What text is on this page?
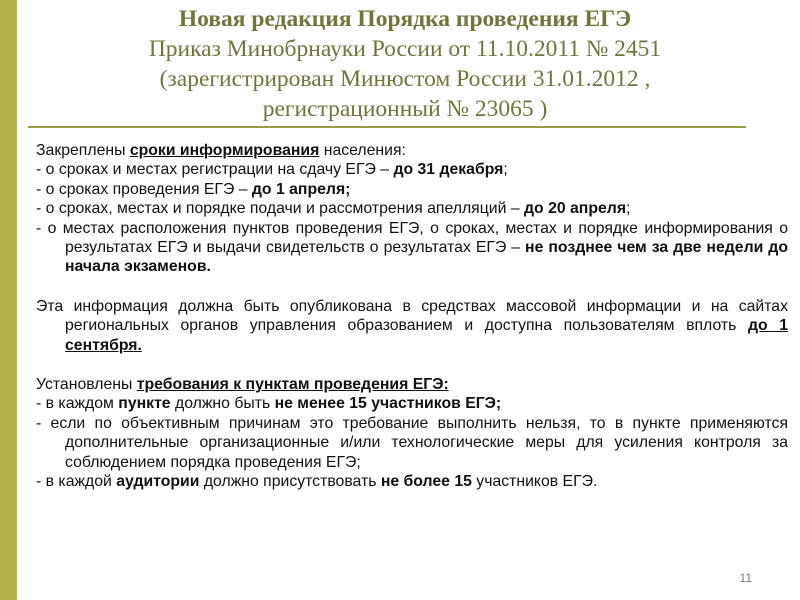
Новая редакция Порядка проведения ЕГЭ
Приказ Минобрнауки России от 11.10.2011 № 2451
(зарегистрирован Минюстом России 31.01.2012 ,
регистрационный № 23065 )

Закреплены сроки информирования населения:

- о сроках и местах регистрации на сдачу ЕГЭ – до 31 декабря;

- о сроках проведения ЕГЭ – до 1 апреля;

- о сроках, местах и порядке подачи и рассмотрения апелляций – до 20 апреля;

- о местах расположения пунктов проведения ЕГЭ, о сроках, местах и порядке информирования о результатах ЕГЭ и выдачи свидетельств о результатах ЕГЭ – не позднее чем за две недели до начала экзаменов.

Эта информация должна быть опубликована в средствах массовой информации и на сайтах региональных органов управления образованием и доступна пользователям вплоть до 1 сентября.

Установлены требования к пунктам проведения ЕГЭ:

- в каждом пункте должно быть не менее 15 участников ЕГЭ;

- если по объективным причинам это требование выполнить нельзя, то в пункте применяются дополнительные организационные и/или технологические меры для усиления контроля за соблюдением порядка проведения ЕГЭ;

- в каждой аудитории должно присутствовать не более 15 участников ЕГЭ.

11
